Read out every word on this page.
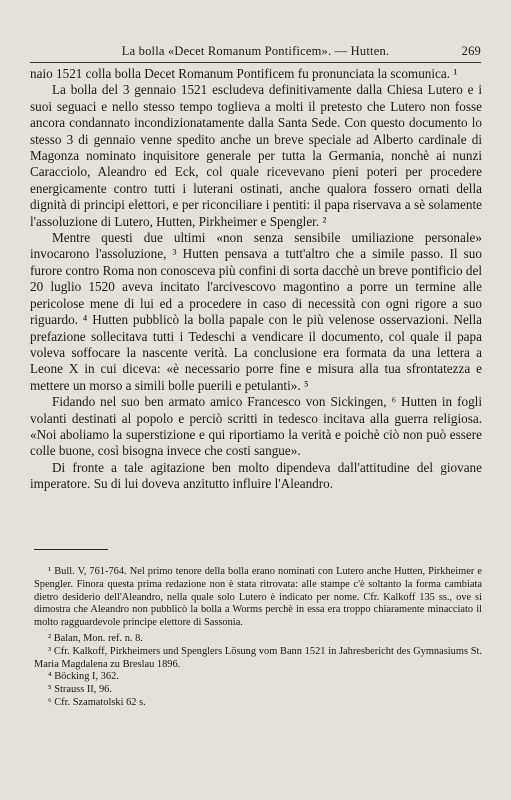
La bolla «Decet Romanum Pontificem». — Hutten.	269

naio 1521 colla bolla Decet Romanum Pontificem fu pronunciata la scomunica. ¹

La bolla del 3 gennaio 1521 escludeva definitivamente dalla Chiesa Lutero e i suoi seguaci e nello stesso tempo toglieva a molti il pretesto che Lutero non fosse ancora condannato incondizionatamente dalla Santa Sede. Con questo documento lo stesso 3 di gennaio venne spedito anche un breve speciale ad Alberto cardinale di Magonza nominato inquisitore generale per tutta la Germania, nonchè ai nunzi Caracciolo, Aleandro ed Eck, col quale ricevevano pieni poteri per procedere energicamente contro tutti i luterani ostinati, anche qualora fossero ornati della dignità di principi elettori, e per riconciliare i pentiti: il papa riservava a sè solamente l'assoluzione di Lutero, Hutten, Pirkheimer e Spengler. ²

Mentre questi due ultimi «non senza sensibile umiliazione personale» invocarono l'assoluzione, ³ Hutten pensava a tutt'altro che a simile passo. Il suo furore contro Roma non conosceva più confini di sorta dacchè un breve pontificio del 20 luglio 1520 aveva incitato l'arcivescovo magontino a porre un termine alle pericolose mene di lui ed a procedere in caso di necessità con ogni rigore a suo riguardo. ⁴ Hutten pubblicò la bolla papale con le più velenose osservazioni. Nella prefazione sollecitava tutti i Tedeschi a vendicare il documento, col quale il papa voleva soffocare la nascente verità. La conclusione era formata da una lettera a Leone X in cui diceva: «è necessario porre fine e misura alla tua sfrontatezza e mettere un morso a simili bolle puerili e petulanti». ⁵

Fidando nel suo ben armato amico Francesco von Sickingen, ⁶ Hutten in fogli volanti destinati al popolo e perciò scritti in tedesco incitava alla guerra religiosa. «Noi aboliamo la superstizione e qui riportiamo la verità e poichè ciò non può essere colle buone, così bisogna invece che costi sangue».

Di fronte a tale agitazione ben molto dipendeva dall'attitudine del giovane imperatore. Su di lui doveva anzitutto influire l'Aleandro.

¹ Bull. V, 761-764. Nel primo tenore della bolla erano nominati con Lutero anche Hutten, Pirkheimer e Spengler. Finora questa prima redazione non è stata ritrovata: alle stampe c'è soltanto la forma cambiata dietro desiderio dell'Aleandro, nella quale solo Lutero è indicato per nome. Cfr. Kalkoff 135 ss., ove si dimostra che Aleandro non pubblicò la bolla a Worms perchè in essa era troppo chiaramente minacciato il molto ragguardevole principe elettore di Sassonia.

² Balan, Mon. ref. n. 8.

³ Cfr. Kalkoff, Pirkheimers und Spenglers Lösung vom Bann 1521 in Jahresbericht des Gymnasiums St. Maria Magdalena zu Breslau 1896.

⁴ Böcking I, 362.

⁵ Strauss II, 96.

⁶ Cfr. Szamatolski 62 s.
